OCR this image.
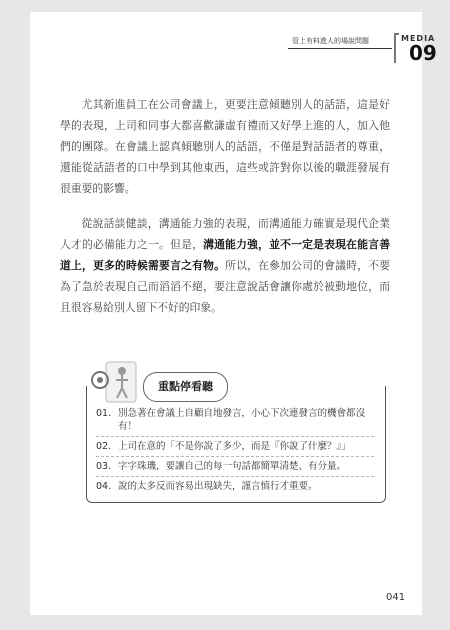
管上有料進人的場說問題	MEDIA
09

尤其新進員工在公司會議上，更要注意傾聽別人的話語，這是好學的表現，上司和同事大都喜歡謙虛有禮而又好學上進的人，加入他們的團隊。在會議上認真傾聽別人的話語，不僅是對話語者的尊重，還能從話語者的口中學到其他東西，這些或許對你以後的職涯發展有很重要的影響。

從說話談健談，溝通能力強的表現，而溝通能力確實是現代企業人才的必備能力之一。但是，溝通能力強，並不一定是表現在能言善道上，更多的時候需要言之有物。所以，在參加公司的會議時，不要為了急於表現自己而滔滔不絕，要注意說話會讓你處於被動地位，而且很容易給別人留下不好的印象。

重點停看聽
01. 別急著在會議上自顧自地發言，小心下次連發言的機會都沒有！
02. 上司在意的「不是你說了多少，而是『你說了什麼？』」
03. 字字珠璣，要讓自己的每一句話都簡單清楚、有分量。
04. 說的太多反而容易出現缺失，謹言慎行才重要。
041
